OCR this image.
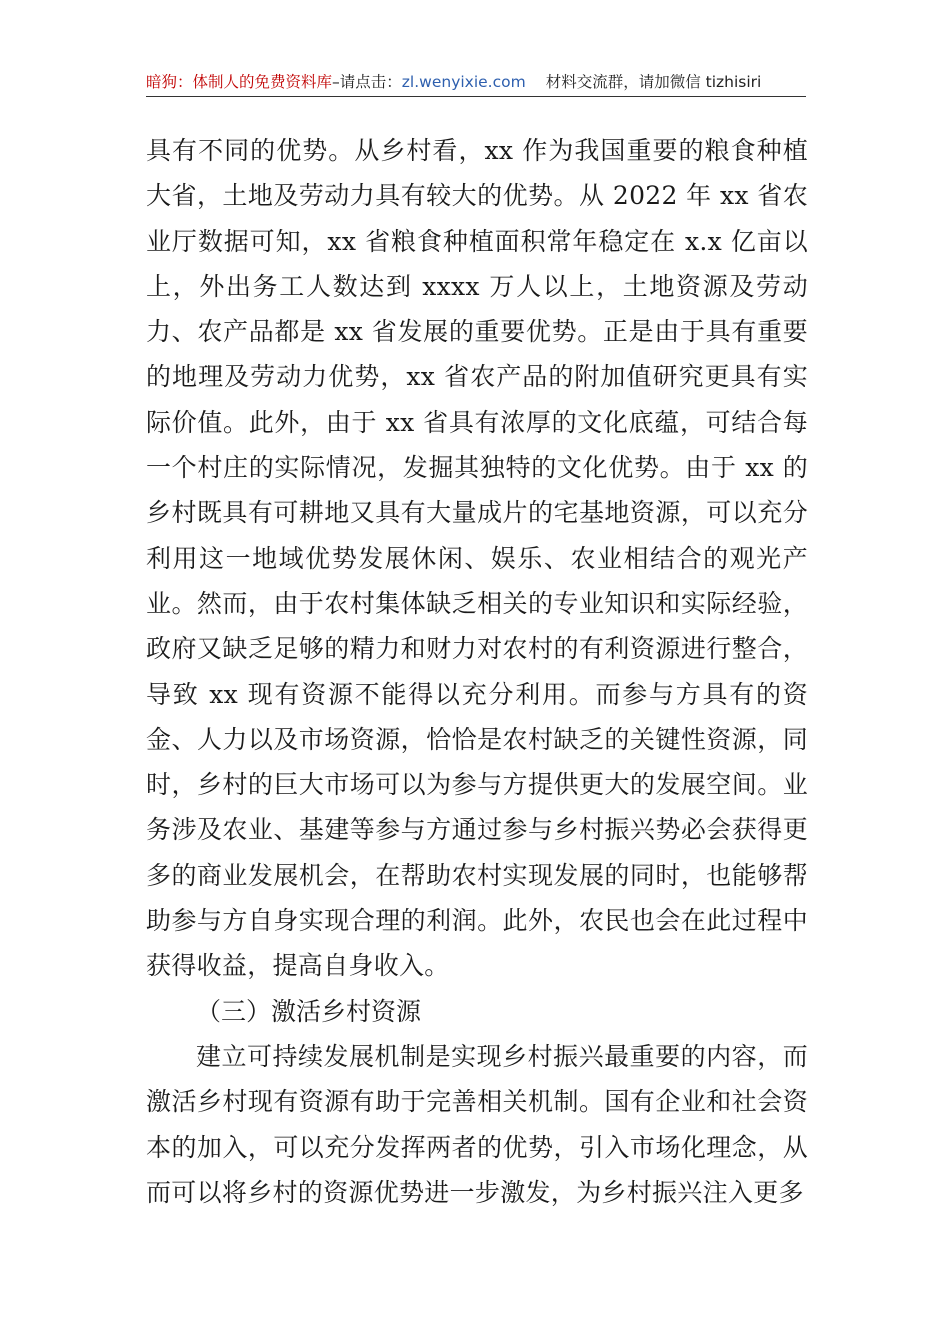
暗狗：体制人的免费资料库–请点击：zl.wenyixie.com 材料交流群，请加微信 tizhisiri

具有不同的优势。从乡村看，xx 作为我国重要的粮食种植大省，土地及劳动力具有较大的优势。从 2022 年 xx 省农业厅数据可知，xx 省粮食种植面积常年稳定在 x.x 亿亩以上，外出务工人数达到 xxxx 万人以上，土地资源及劳动力、农产品都是 xx 省发展的重要优势。正是由于具有重要的地理及劳动力优势，xx 省农产品的附加值研究更具有实际价值。此外，由于 xx 省具有浓厚的文化底蕴，可结合每一个村庄的实际情况，发掘其独特的文化优势。由于 xx 的乡村既具有可耕地又具有大量成片的宅基地资源，可以充分利用这一地域优势发展休闲、娱乐、农业相结合的观光产业。然而，由于农村集体缺乏相关的专业知识和实际经验，政府又缺乏足够的精力和财力对农村的有利资源进行整合，导致 xx 现有资源不能得以充分利用。而参与方具有的资金、人力以及市场资源，恰恰是农村缺乏的关键性资源，同时，乡村的巨大市场可以为参与方提供更大的发展空间。业务涉及农业、基建等参与方通过参与乡村振兴势必会获得更多的商业发展机会，在帮助农村实现发展的同时，也能够帮助参与方自身实现合理的利润。此外，农民也会在此过程中获得收益，提高自身收入。

（三）激活乡村资源

建立可持续发展机制是实现乡村振兴最重要的内容，而激活乡村现有资源有助于完善相关机制。国有企业和社会资本的加入，可以充分发挥两者的优势，引入市场化理念，从而可以将乡村的资源优势进一步激发，为乡村振兴注入更多
